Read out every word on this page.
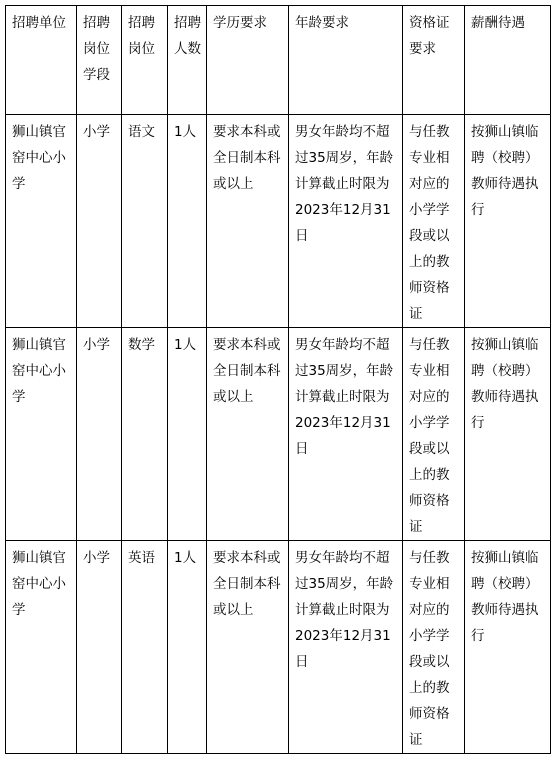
招聘单位	招聘岗位学段	招聘岗位	招聘人数	学历要求	年龄要求	资格证要求	薪酬待遇
狮山镇官窑中心小学	小学	语文	1人	要求本科或全日制本科或以上	男女年龄均不超过35周岁，年龄计算截止时限为2023年12月31日	与任教专业相对应的小学学段或以上的教师资格证	按狮山镇临聘（校聘）教师待遇执行
狮山镇官窑中心小学	小学	数学	1人	要求本科或全日制本科或以上	男女年龄均不超过35周岁，年龄计算截止时限为2023年12月31日	与任教专业相对应的小学学段或以上的教师资格证	按狮山镇临聘（校聘）教师待遇执行
狮山镇官窑中心小学	小学	英语	1人	要求本科或全日制本科或以上	男女年龄均不超过35周岁，年龄计算截止时限为2023年12月31日	与任教专业相对应的小学学段或以上的教师资格证	按狮山镇临聘（校聘）教师待遇执行
